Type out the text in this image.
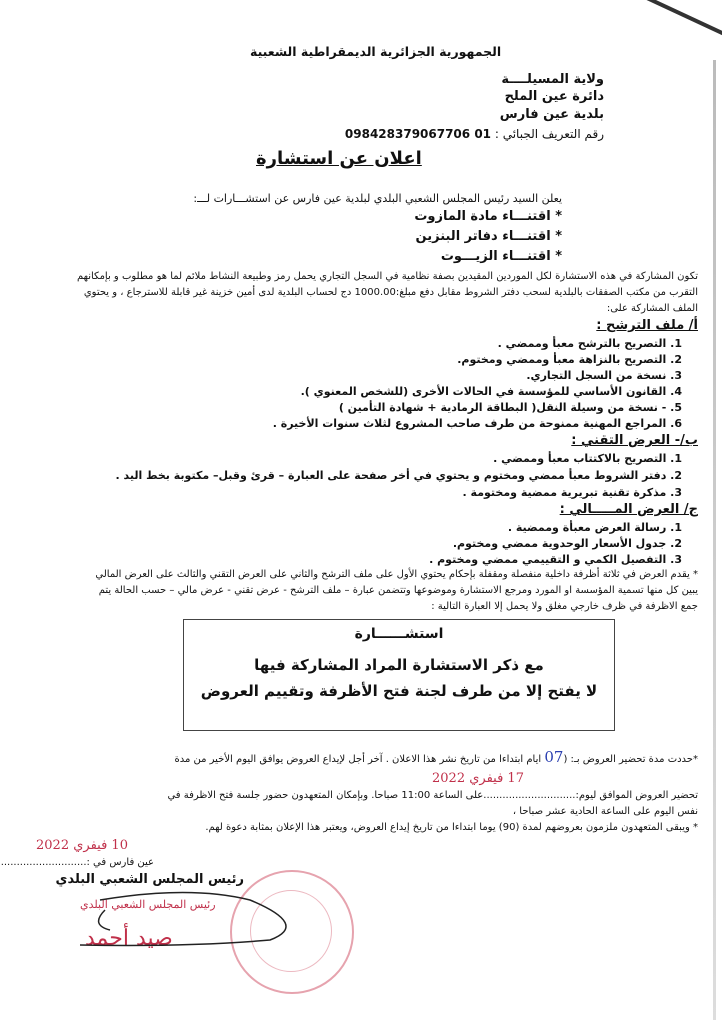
الجمهورية الجزائرية الديمقراطية الشعبية
ولاية المسيلــــة
دائرة عين الملح
بلدية عين فارس
رقم التعريف الجبائي : 098428379067706 01
اعلان عن استشارة
يعلن السيد رئيس المجلس الشعبي البلدي لبلدية عين فارس عن استشـــارات لـــ:
* اقتنـــاء مادة المازوت
* اقتنـــاء دفاتر البنزين
* اقتنـــاء الزيـــوت
تكون المشاركة في هذه الاستشارة لكل الموردين المقيدين بصفة نظامية في السجل التجاري يحمل رمز وطبيعة النشاط ملائم لما هو مطلوب و بإمكانهم
التقرب من مكتب الصفقات بالبلدية لسحب دفتر الشروط مقابل دفع مبلغ:1000.00 دج لحساب البلدية لدى أمين خزينة غير قابلة للاسترجاع ، و يحتوي
الملف المشاركة على:
أ/ ملف الترشح :
1. التصريح بالترشح معبأ وممضي .
2. التصريح بالنزاهة معبأ وممضي ومختوم.
3. نسخة من السجل التجاري.
4. القانون الأساسي للمؤسسة في الحالات الأخرى (للشخص المعنوي ).
5. - نسخة من وسيلة النقل( البطاقة الرمادية + شهادة التأمين )
6. المراجع المهنية ممنوحة من طرف صاحب المشروع لثلاث سنوات الأخيرة .
ب/- العرض التقني :
1. التصريح بالاكتتاب معبأ وممضي .
2. دفتر الشروط معبأ ممضي ومختوم و يحتوي في أخر صفحة على العبارة – قرئ وقبل– مكتوبة بخط اليد .
3. مذكرة تقنية تبريرية ممضية ومختومة .
ج/ العرض المـــــالي :
1. رسالة العرض معبأة وممضية .
2. جدول الأسعار الوحدوية ممضي ومختوم.
3. التفصيل الكمي و التقييمي ممضي ومختوم .
* يقدم العرض في ثلاثة أظرفة داخلية منفصلة ومقفلة بإحكام يحتوي الأول على ملف الترشح والثاني على العرض التقني والثالث على العرض المالي
يبين كل منها تسمية المؤسسة او المورد ومرجع الاستشارة وموضوعها وتتضمن عبارة – ملف الترشح - عرض تقني - عرض مالي – حسب الحالة يتم
جمع الاظرفة في ظرف خارجي مغلق ولا يحمل إلا العبارة التالية :
استشــــــارة
مع ذكر الاستشارة المراد المشاركة فيها
لا يفتح إلا من طرف لجنة فتح الأظرفة وتقييم العروض
*حددت مدة تحضير العروض بـ: (07 ايام ابتداءا من تاريخ نشر هذا الاعلان . آخر أجل لإيداع العروض يوافق اليوم الأخير من مدة
17 فيفري 2022
تحضير العروض الموافق ليوم:.............................على الساعة 11:00 صباحا. وبإمكان المتعهدون حضور جلسة فتح الاظرفة في
نفس اليوم على الساعة الحادية عشر صباحا ،
* ويبقى المتعهدون ملزمون بعروضهم لمدة (90) يوما ابتداءا من تاريخ إيداع العروض، ويعتبر هذا الإعلان بمثابة دعوة لهم.
10 فيفري 2022
عين فارس في :...........................
رئيس المجلس الشعبي البلدي
رئيس المجلس الشعبي البلدي
صيد أحمد
